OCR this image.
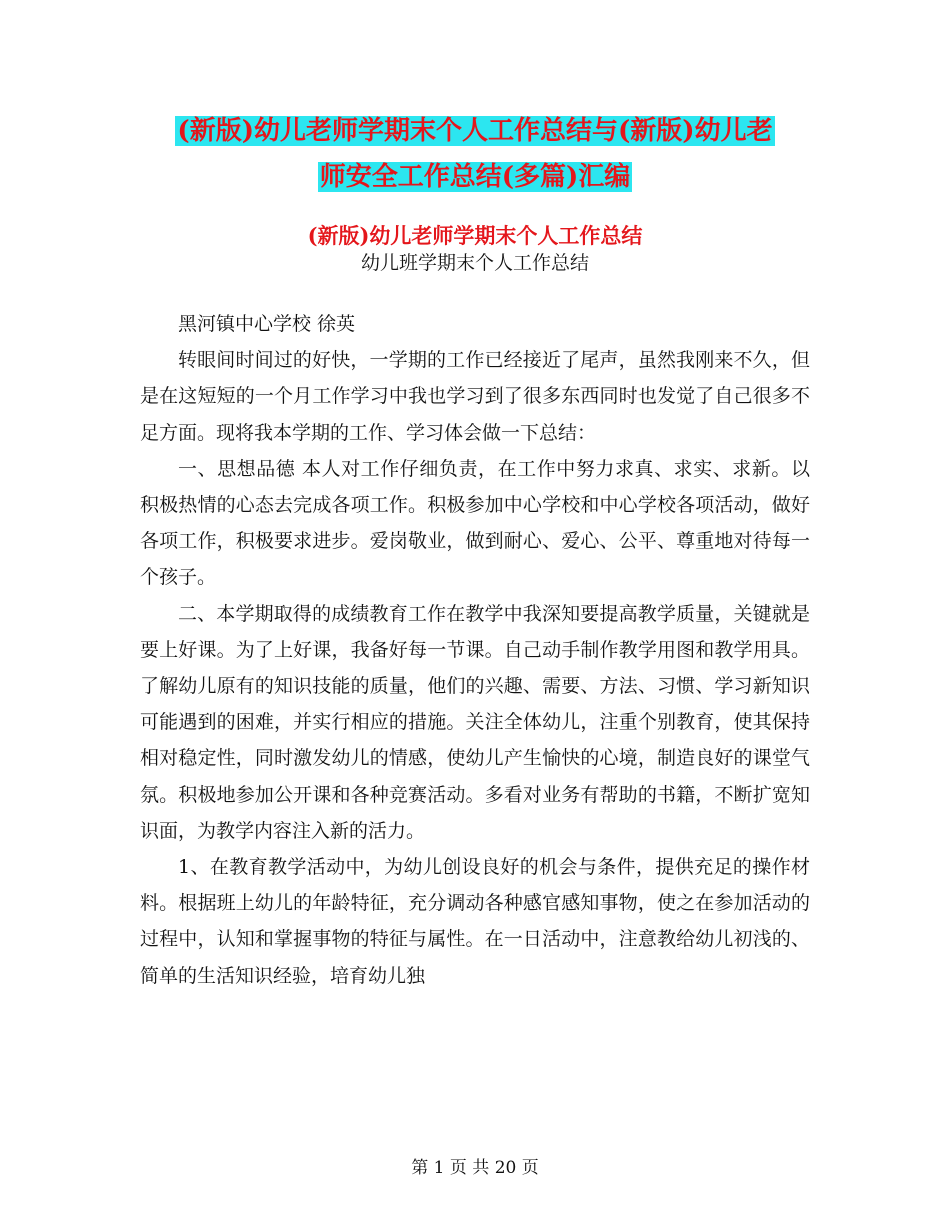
(新版)幼儿老师学期末个人工作总结与(新版)幼儿老
师安全工作总结(多篇)汇编
(新版)幼儿老师学期末个人工作总结
幼儿班学期末个人工作总结

黑河镇中心学校 徐英

转眼间时间过的好快，一学期的工作已经接近了尾声，虽然我刚来不久，但是在这短短的一个月工作学习中我也学习到了很多东西同时也发觉了自己很多不足方面。现将我本学期的工作、学习体会做一下总结：

一、思想品德 本人对工作仔细负责，在工作中努力求真、求实、求新。以积极热情的心态去完成各项工作。积极参加中心学校和中心学校各项活动，做好各项工作，积极要求进步。爱岗敬业，做到耐心、爱心、公平、尊重地对待每一个孩子。

二、本学期取得的成绩教育工作在教学中我深知要提高教学质量，关键就是要上好课。为了上好课，我备好每一节课。自己动手制作教学用图和教学用具。了解幼儿原有的知识技能的质量，他们的兴趣、需要、方法、习惯、学习新知识可能遇到的困难，并实行相应的措施。关注全体幼儿，注重个别教育，使其保持相对稳定性，同时激发幼儿的情感，使幼儿产生愉快的心境，制造良好的课堂气氛。积极地参加公开课和各种竞赛活动。多看对业务有帮助的书籍，不断扩宽知识面，为教学内容注入新的活力。

1、在教育教学活动中，为幼儿创设良好的机会与条件，提供充足的操作材料。根据班上幼儿的年龄特征，充分调动各种感官感知事物，使之在参加活动的过程中，认知和掌握事物的特征与属性。在一日活动中，注意教给幼儿初浅的、简单的生活知识经验，培育幼儿独

第 1 页 共 20 页
